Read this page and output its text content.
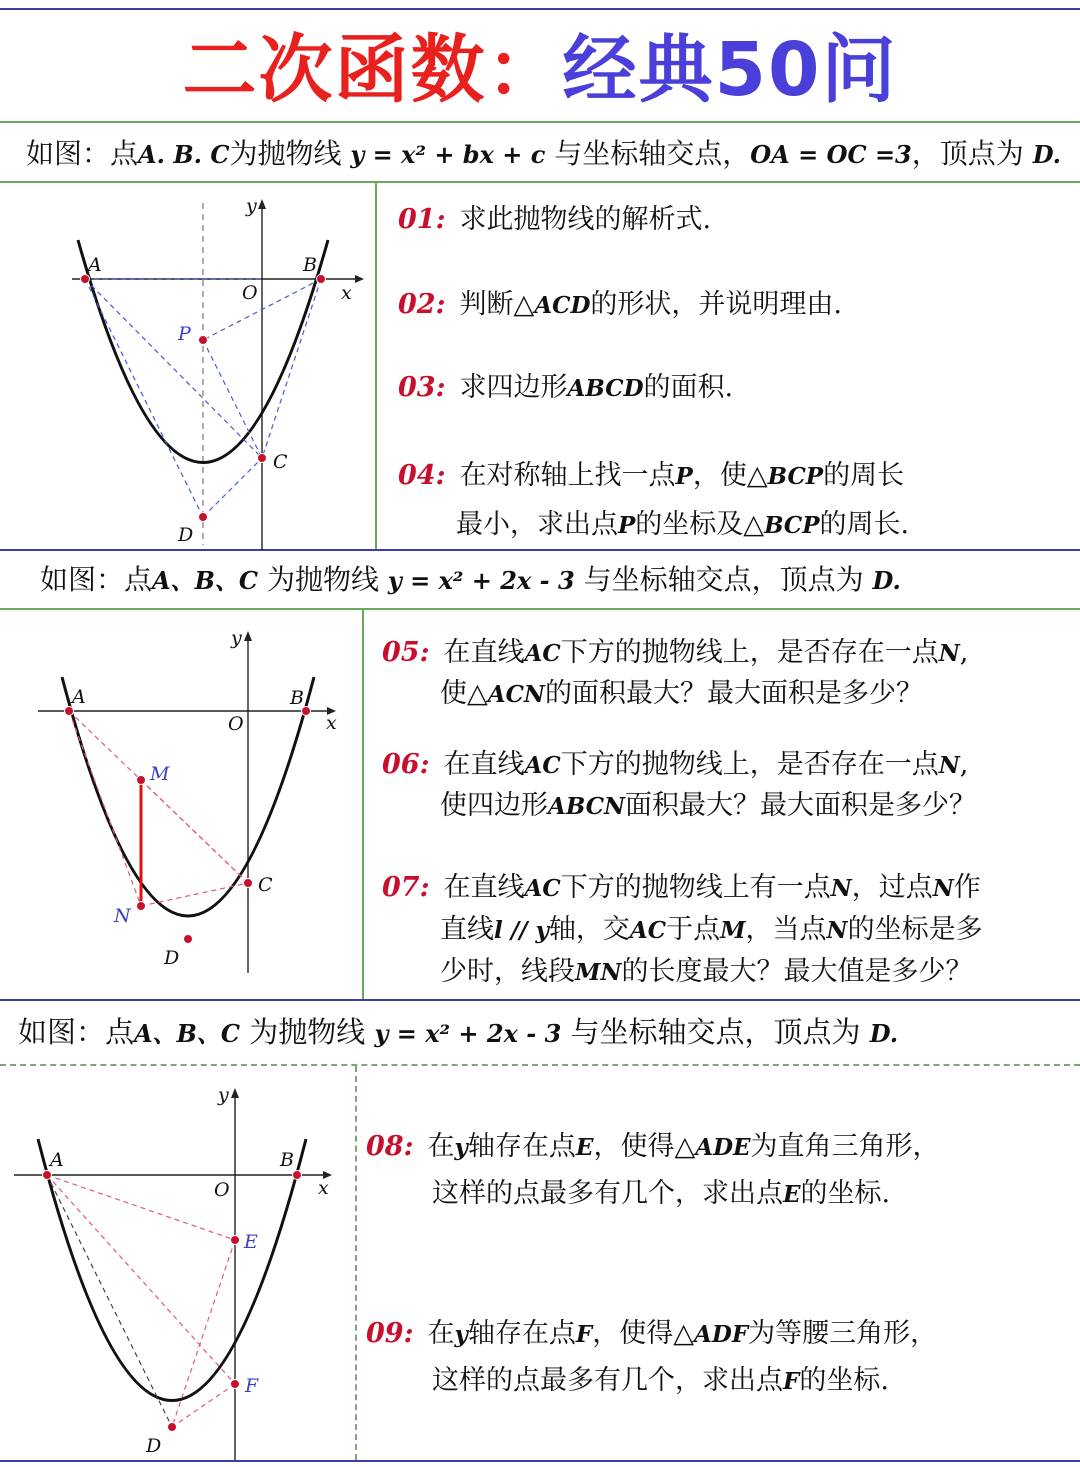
二次函数：经典50问
如图：点A. B. C为抛物线 y = x² + bx + c 与坐标轴交点，OA = OC =3，顶点为 D.
如图：点A、B、C 为抛物线 y = x² + 2x - 3 与坐标轴交点，顶点为 D.
如图：点A、B、C 为抛物线 y = x² + 2x - 3 与坐标轴交点，顶点为 D.
01: 求此抛物线的解析式.
02: 判断△ACD的形状，并说明理由.
03: 求四边形ABCD的面积.
04: 在对称轴上找一点P，使△BCP的周长
最小，求出点P的坐标及△BCP的周长.
05: 在直线AC下方的抛物线上，是否存在一点N,
使△ACN的面积最大？最大面积是多少？
06: 在直线AC下方的抛物线上，是否存在一点N,
使四边形ABCN面积最大？最大面积是多少？
07: 在直线AC下方的抛物线上有一点N，过点N作
直线l // y轴，交AC于点M，当点N的坐标是多
少时，线段MN的长度最大？最大值是多少？
08: 在y轴存在点E，使得△ADE为直角三角形，
这样的点最多有几个，求出点E的坐标.
09: 在y轴存在点F，使得△ADF为等腰三角形，
这样的点最多有几个，求出点F的坐标.
y
x
O
A	B
C
D
P
y
x
O
A	B
C
D
M
N
y
x
O
A	B
D
E
F
